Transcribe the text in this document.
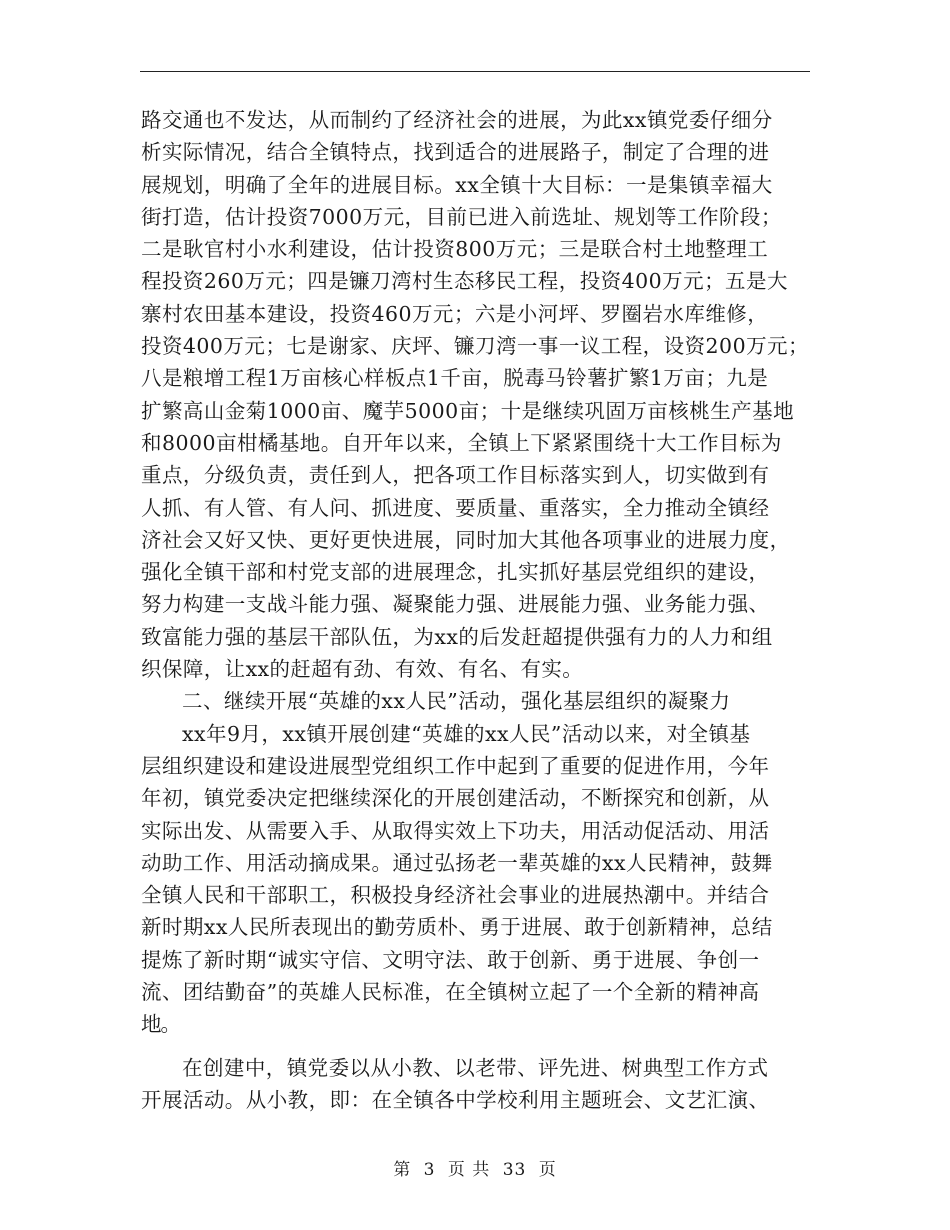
路交通也不发达，从而制约了经济社会的进展，为此xx镇党委仔细分
析实际情况，结合全镇特点，找到适合的进展路子，制定了合理的进
展规划，明确了全年的进展目标。xx全镇十大目标：一是集镇幸福大
街打造，估计投资7000万元，目前已进入前选址、规划等工作阶段；
二是耿官村小水利建设，估计投资800万元；三是联合村土地整理工
程投资260万元；四是镰刀湾村生态移民工程，投资400万元；五是大
寨村农田基本建设，投资460万元；六是小河坪、罗圈岩水库维修，
投资400万元；七是谢家、庆坪、镰刀湾一事一议工程，设资200万元；
八是粮增工程1万亩核心样板点1千亩，脱毒马铃薯扩繁1万亩；九是
扩繁高山金菊1000亩、魔芋5000亩；十是继续巩固万亩核桃生产基地
和8000亩柑橘基地。自开年以来，全镇上下紧紧围绕十大工作目标为
重点，分级负责，责任到人，把各项工作目标落实到人，切实做到有
人抓、有人管、有人问、抓进度、要质量、重落实，全力推动全镇经
济社会又好又快、更好更快进展，同时加大其他各项事业的进展力度，
强化全镇干部和村党支部的进展理念，扎实抓好基层党组织的建设，
努力构建一支战斗能力强、凝聚能力强、进展能力强、业务能力强、
致富能力强的基层干部队伍，为xx的后发赶超提供强有力的人力和组
织保障，让xx的赶超有劲、有效、有名、有实。
二、继续开展“英雄的xx人民”活动，强化基层组织的凝聚力
xx年9月，xx镇开展创建“英雄的xx人民”活动以来，对全镇基
层组织建设和建设进展型党组织工作中起到了重要的促进作用，今年
年初，镇党委决定把继续深化的开展创建活动，不断探究和创新，从
实际出发、从需要入手、从取得实效上下功夫，用活动促活动、用活
动助工作、用活动摘成果。通过弘扬老一辈英雄的xx人民精神，鼓舞
全镇人民和干部职工，积极投身经济社会事业的进展热潮中。并结合
新时期xx人民所表现出的勤劳质朴、勇于进展、敢于创新精神，总结
提炼了新时期“诚实守信、文明守法、敢于创新、勇于进展、争创一
流、团结勤奋”的英雄人民标准，在全镇树立起了一个全新的精神高
地。
在创建中，镇党委以从小教、以老带、评先进、树典型工作方式
开展活动。从小教，即：在全镇各中学校利用主题班会、文艺汇演、
第 3 页 共 33 页
